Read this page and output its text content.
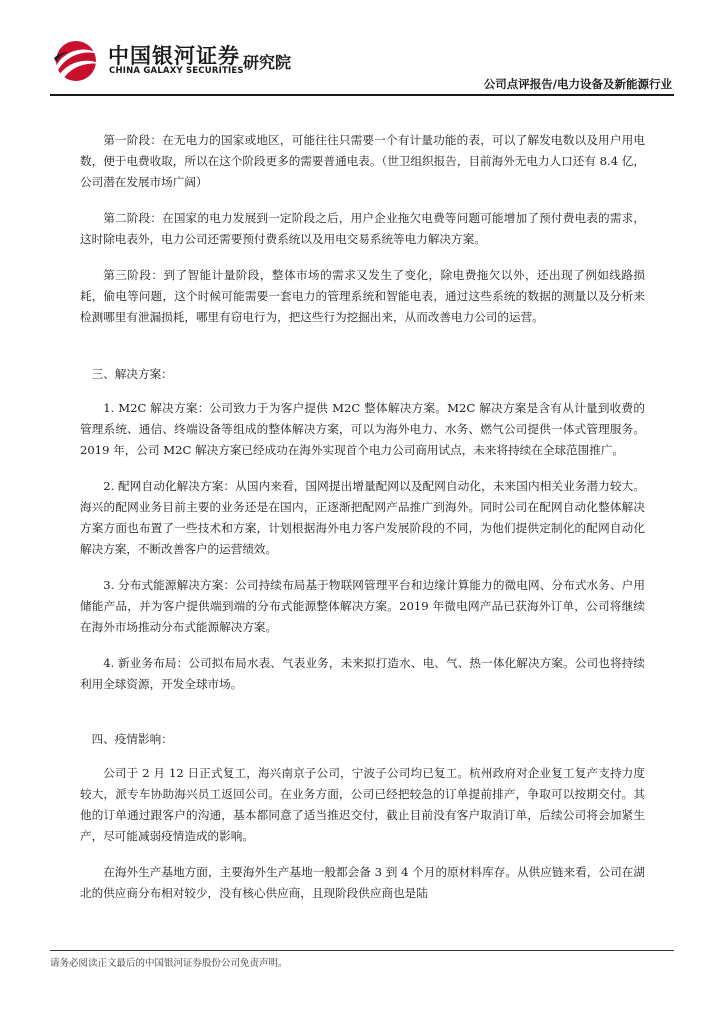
中国银河证券
CHINA GALAXY SECURITIES 研究院
公司点评报告/电力设备及新能源行业

第一阶段：在无电力的国家或地区，可能往往只需要一个有计量功能的表，可以了解发电数以及用户用电数，便于电费收取，所以在这个阶段更多的需要普通电表。（世卫组织报告，目前海外无电力人口还有 8.4 亿，公司潜在发展市场广阔）

第二阶段：在国家的电力发展到一定阶段之后，用户企业拖欠电费等问题可能增加了预付费电表的需求，这时除电表外，电力公司还需要预付费系统以及用电交易系统等电力解决方案。

第三阶段：到了智能计量阶段，整体市场的需求又发生了变化，除电费拖欠以外，还出现了例如线路损耗，偷电等问题，这个时候可能需要一套电力的管理系统和智能电表，通过这些系统的数据的测量以及分析来检测哪里有泄漏损耗，哪里有窃电行为，把这些行为挖掘出来，从而改善电力公司的运营。

三、解决方案：

1. M2C 解决方案：公司致力于为客户提供 M2C 整体解决方案。M2C 解决方案是含有从计量到收费的管理系统、通信、终端设备等组成的整体解决方案，可以为海外电力、水务、燃气公司提供一体式管理服务。2019 年，公司 M2C 解决方案已经成功在海外实现首个电力公司商用试点，未来将持续在全球范围推广。

2. 配网自动化解决方案：从国内来看，国网提出增量配网以及配网自动化，未来国内相关业务潜力较大。海兴的配网业务目前主要的业务还是在国内，正逐渐把配网产品推广到海外。同时公司在配网自动化整体解决方案方面也布置了一些技术和方案，计划根据海外电力客户发展阶段的不同，为他们提供定制化的配网自动化解决方案，不断改善客户的运营绩效。

3. 分布式能源解决方案：公司持续布局基于物联网管理平台和边缘计算能力的微电网、分布式水务、户用储能产品，并为客户提供端到端的分布式能源整体解决方案。2019 年微电网产品已获海外订单，公司将继续在海外市场推动分布式能源解决方案。

4. 新业务布局：公司拟布局水表、气表业务，未来拟打造水、电、气、热一体化解决方案。公司也将持续利用全球资源，开发全球市场。

四、疫情影响：

公司于 2 月 12 日正式复工，海兴南京子公司，宁波子公司均已复工。杭州政府对企业复工复产支持力度较大，派专车协助海兴员工返回公司。在业务方面，公司已经把较急的订单提前排产，争取可以按期交付。其他的订单通过跟客户的沟通，基本都同意了适当推迟交付，截止目前没有客户取消订单，后续公司将会加紧生产，尽可能减弱疫情造成的影响。

在海外生产基地方面，主要海外生产基地一般都会备 3 到 4 个月的原材料库存。从供应链来看，公司在湖北的供应商分布相对较少，没有核心供应商，且现阶段供应商也是陆

请务必阅读正文最后的中国银河证券股份公司免责声明。
